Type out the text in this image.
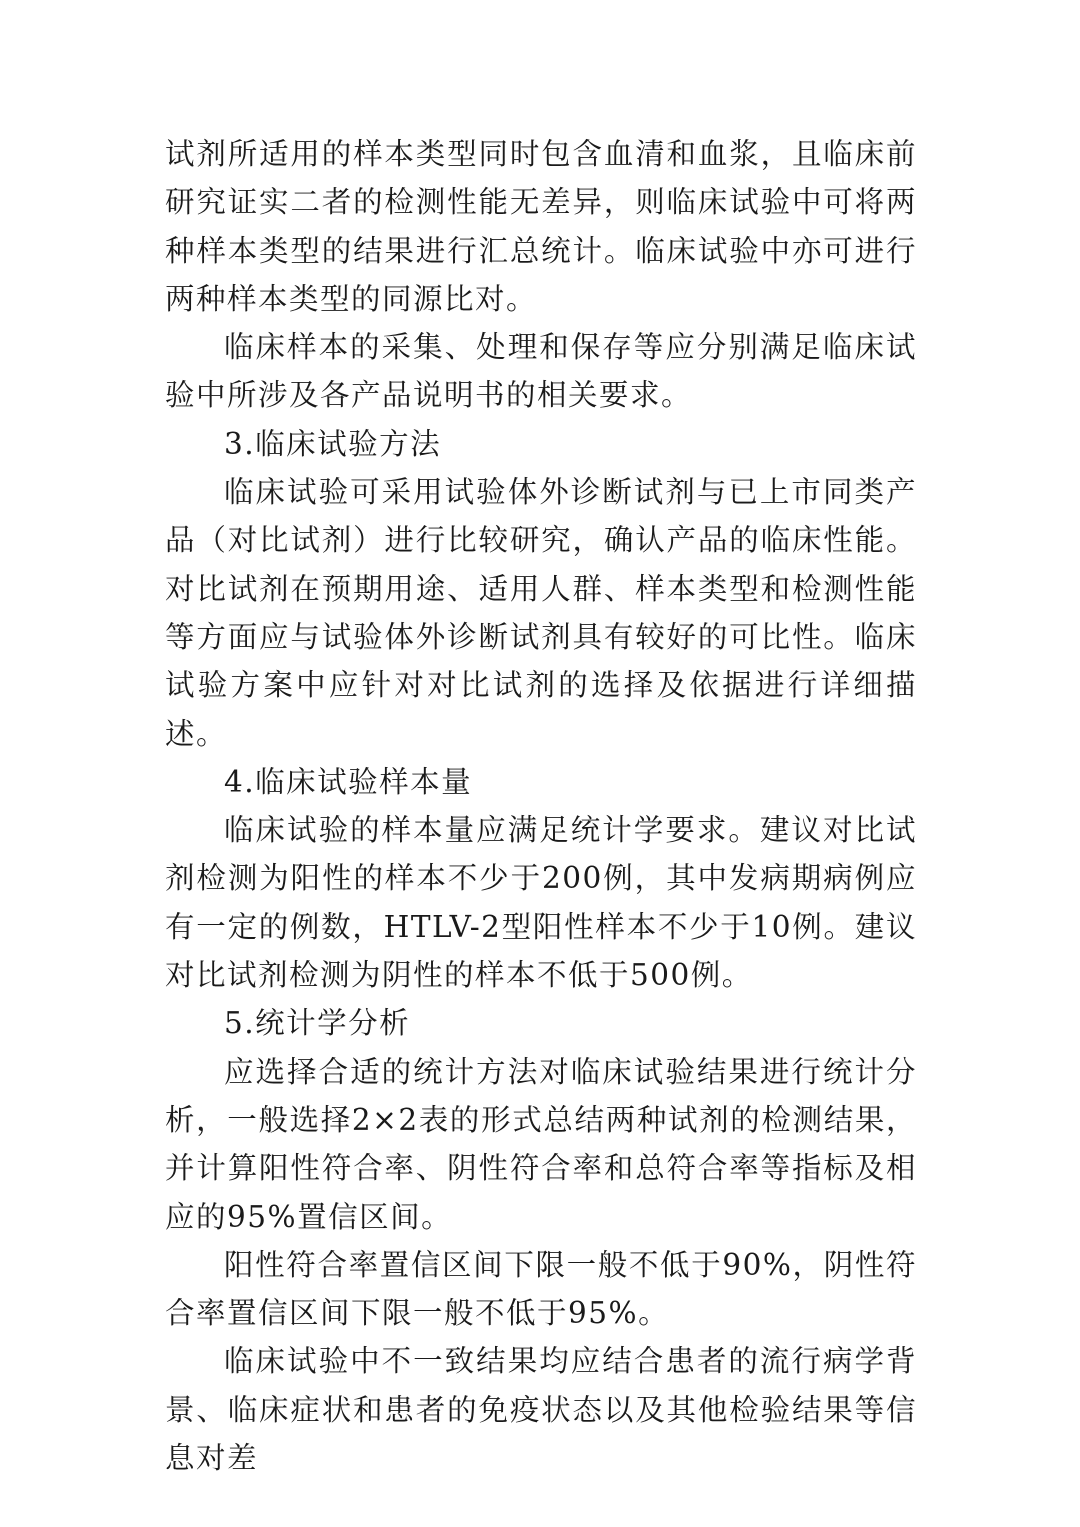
试剂所适用的样本类型同时包含血清和血浆，且临床前研究证实二者的检测性能无差异，则临床试验中可将两种样本类型的结果进行汇总统计。临床试验中亦可进行两种样本类型的同源比对。

临床样本的采集、处理和保存等应分别满足临床试验中所涉及各产品说明书的相关要求。

3.临床试验方法

临床试验可采用试验体外诊断试剂与已上市同类产品（对比试剂）进行比较研究，确认产品的临床性能。对比试剂在预期用途、适用人群、样本类型和检测性能等方面应与试验体外诊断试剂具有较好的可比性。临床试验方案中应针对对比试剂的选择及依据进行详细描述。

4.临床试验样本量

临床试验的样本量应满足统计学要求。建议对比试剂检测为阳性的样本不少于200例，其中发病期病例应有一定的例数，HTLV-2型阳性样本不少于10例。建议对比试剂检测为阴性的样本不低于500例。

5.统计学分析

应选择合适的统计方法对临床试验结果进行统计分析，一般选择2×2表的形式总结两种试剂的检测结果，并计算阳性符合率、阴性符合率和总符合率等指标及相应的95%置信区间。

阳性符合率置信区间下限一般不低于90%，阴性符合率置信区间下限一般不低于95%。

临床试验中不一致结果均应结合患者的流行病学背景、临床症状和患者的免疫状态以及其他检验结果等信息对差
